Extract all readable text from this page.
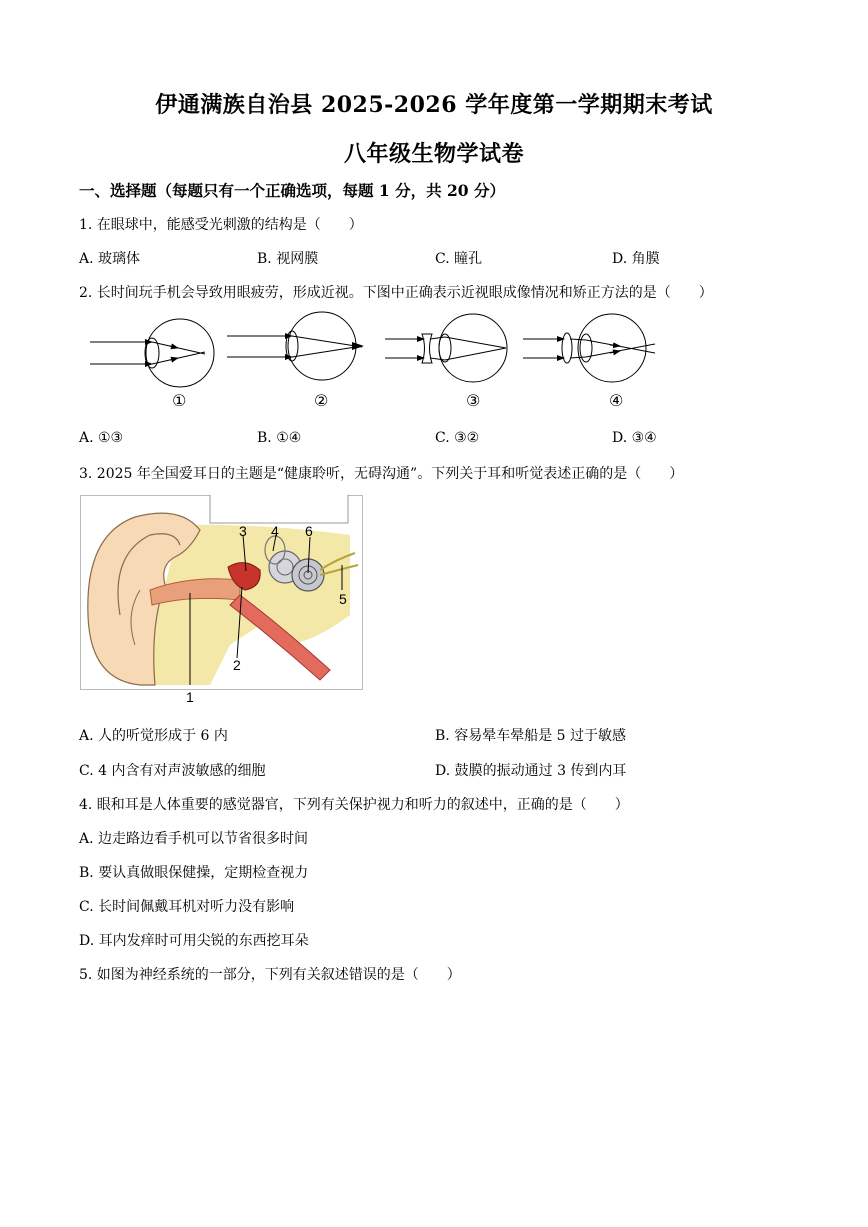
伊通满族自治县 2025-2026 学年度第一学期期末考试
八年级生物学试卷
一、选择题（每题只有一个正确选项，每题 1 分，共 20 分）
1. 在眼球中，能感受光刺激的结构是（　　）
A. 玻璃体	B. 视网膜	C. 瞳孔	D. 角膜
2. 长时间玩手机会导致用眼疲劳，形成近视。下图中正确表示近视眼成像情况和矫正方法的是（　　）
①	②	③	④
A. ①③	B. ①④	C. ③②	D. ③④
3. 2025 年全国爱耳日的主题是“健康聆听，无碍沟通”。下列关于耳和听觉表述正确的是（　　）
1
2
3 4
5
6
A. 人的听觉形成于 6 内	B. 容易晕车晕船是 5 过于敏感
C. 4 内含有对声波敏感的细胞	D. 鼓膜的振动通过 3 传到内耳
4. 眼和耳是人体重要的感觉器官，下列有关保护视力和听力的叙述中，正确的是（　　）
A. 边走路边看手机可以节省很多时间
B. 要认真做眼保健操，定期检查视力
C. 长时间佩戴耳机对听力没有影响
D. 耳内发痒时可用尖锐的东西挖耳朵
5. 如图为神经系统的一部分，下列有关叙述错误的是（　　）
